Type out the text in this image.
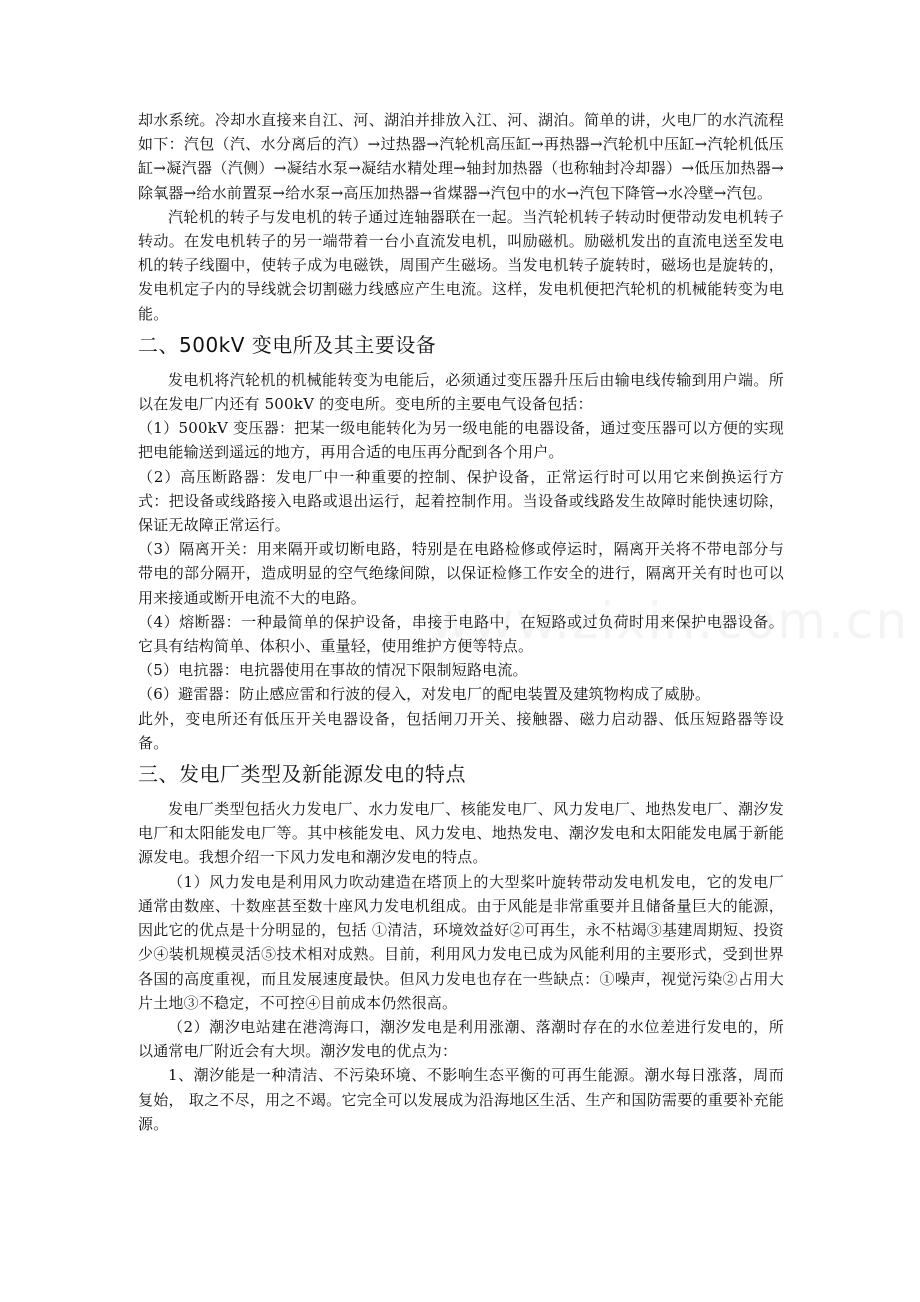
却水系统。冷却水直接来自江、河、湖泊并排放入江、河、湖泊。简单的讲，火电厂的水汽流程如下：汽包（汽、水分离后的汽）→过热器→汽轮机高压缸→再热器→汽轮机中压缸→汽轮机低压缸→凝汽器（汽侧）→凝结水泵→凝结水精处理→轴封加热器（也称轴封冷却器）→低压加热器→除氧器→给水前置泵→给水泵→高压加热器→省煤器→汽包中的水→汽包下降管→水冷壁→汽包。

汽轮机的转子与发电机的转子通过连轴器联在一起。当汽轮机转子转动时便带动发电机转子转动。在发电机转子的另一端带着一台小直流发电机，叫励磁机。励磁机发出的直流电送至发电机的转子线圈中，使转子成为电磁铁，周围产生磁场。当发电机转子旋转时，磁场也是旋转的，发电机定子内的导线就会切割磁力线感应产生电流。这样，发电机便把汽轮机的机械能转变为电能。

二、500kV 变电所及其主要设备

发电机将汽轮机的机械能转变为电能后，必须通过变压器升压后由输电线传输到用户端。所以在发电厂内还有 500kV 的变电所。变电所的主要电气设备包括：

（1）500kV 变压器：把某一级电能转化为另一级电能的电器设备，通过变压器可以方便的实现把电能输送到遥远的地方，再用合适的电压再分配到各个用户。

（2）高压断路器：发电厂中一种重要的控制、保护设备，正常运行时可以用它来倒换运行方式：把设备或线路接入电路或退出运行，起着控制作用。当设备或线路发生故障时能快速切除，保证无故障正常运行。

（3）隔离开关：用来隔开或切断电路，特别是在电路检修或停运时，隔离开关将不带电部分与带电的部分隔开，造成明显的空气绝缘间隙，以保证检修工作安全的进行，隔离开关有时也可以用来接通或断开电流不大的电路。

（4）熔断器：一种最简单的保护设备，串接于电路中，在短路或过负荷时用来保护电器设备。它具有结构简单、体积小、重量轻，使用维护方便等特点。

（5）电抗器：电抗器使用在事故的情况下限制短路电流。

（6）避雷器：防止感应雷和行波的侵入，对发电厂的配电装置及建筑物构成了威胁。

此外，变电所还有低压开关电器设备，包括闸刀开关、接触器、磁力启动器、低压短路器等设备。

三、发电厂类型及新能源发电的特点

发电厂类型包括火力发电厂、水力发电厂、核能发电厂、风力发电厂、地热发电厂、潮汐发电厂和太阳能发电厂等。其中核能发电、风力发电、地热发电、潮汐发电和太阳能发电属于新能源发电。我想介绍一下风力发电和潮汐发电的特点。

（1）风力发电是利用风力吹动建造在塔顶上的大型桨叶旋转带动发电机发电，它的发电厂通常由数座、十数座甚至数十座风力发电机组成。由于风能是非常重要并且储备量巨大的能源，因此它的优点是十分明显的，包括 ①清洁，环境效益好②可再生，永不枯竭③基建周期短、投资少④装机规模灵活⑤技术相对成熟。目前，利用风力发电已成为风能利用的主要形式，受到世界各国的高度重视，而且发展速度最快。但风力发电也存在一些缺点：①噪声，视觉污染②占用大片土地③不稳定，不可控④目前成本仍然很高。

（2）潮汐电站建在港湾海口，潮汐发电是利用涨潮、落潮时存在的水位差进行发电的，所以通常电厂附近会有大坝。潮汐发电的优点为：

1、潮汐能是一种清洁、不污染环境、不影响生态平衡的可再生能源。潮水每日涨落，周而复始， 取之不尽，用之不竭。它完全可以发展成为沿海地区生活、生产和国防需要的重要补充能源。
